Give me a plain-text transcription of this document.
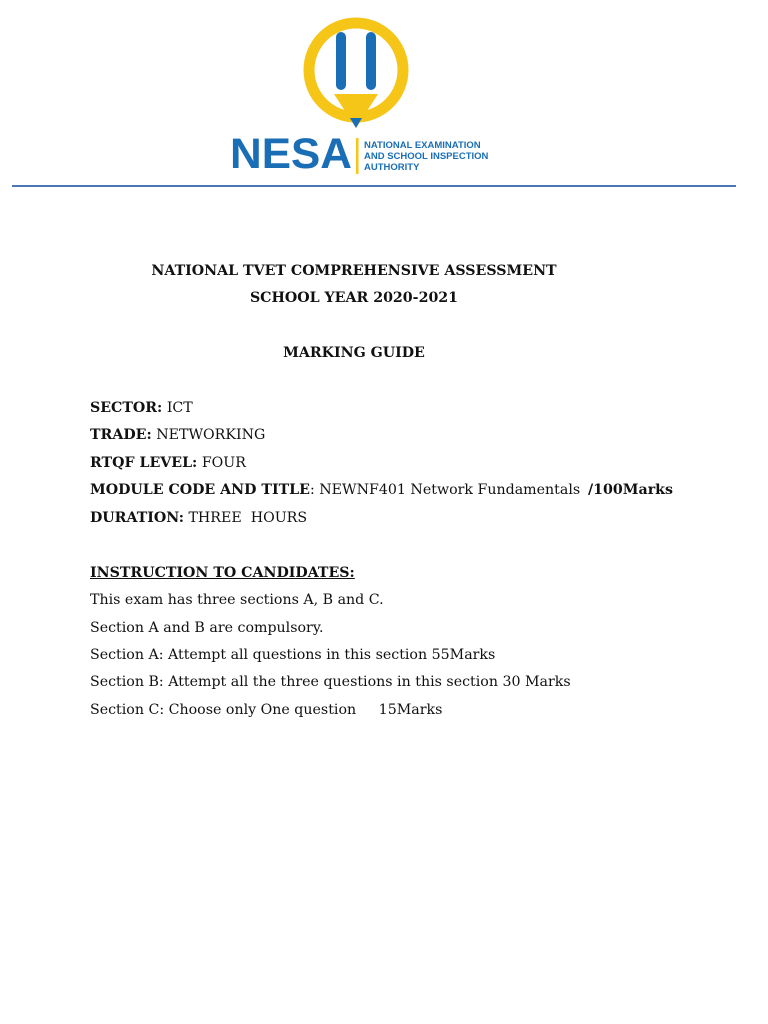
NESA NATIONAL EXAMINATION
AND SCHOOL INSPECTION
AUTHORITY
NATIONAL TVET COMPREHENSIVE ASSESSMENT
SCHOOL YEAR 2020-2021
MARKING GUIDE
SECTOR: ICT
TRADE: NETWORKING
RTQF LEVEL: FOUR
MODULE CODE AND TITLE: NEWNF401 Network Fundamentals /100Marks
DURATION: THREE  HOURS
INSTRUCTION TO CANDIDATES:
This exam has three sections A, B and C.
Section A and B are compulsory.
Section A: Attempt all questions in this section 55Marks
Section B: Attempt all the three questions in this section 30 Marks
Section C: Choose only One question     15Marks
